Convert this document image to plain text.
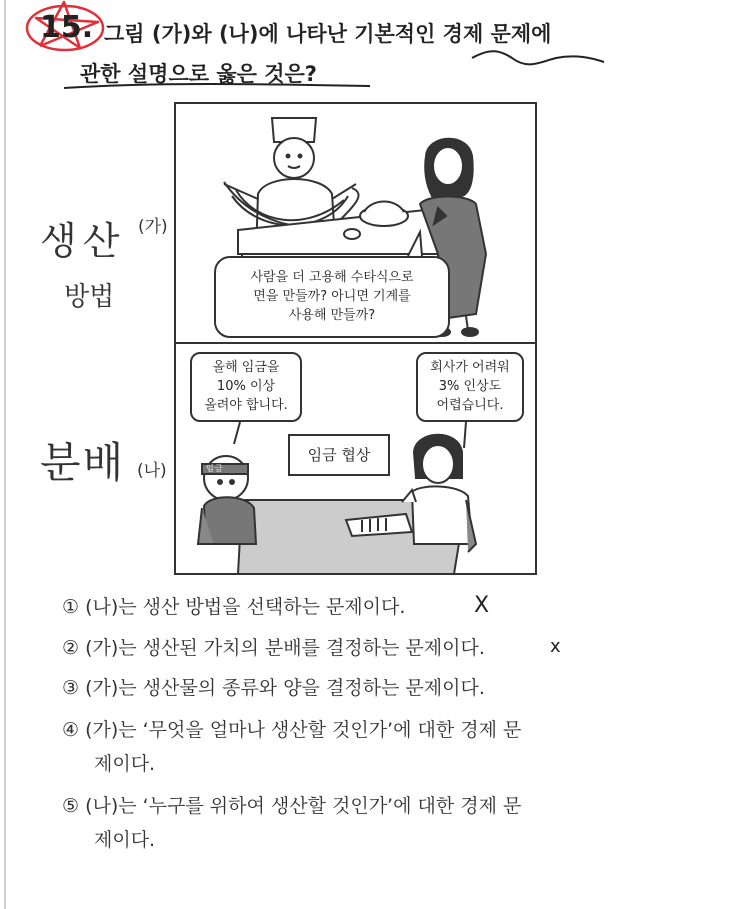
15. 그림 (가)와 (나)에 나타난 기본적인 경제 문제에
관한 설명으로 옳은 것은?
생산
방법
분배
(가)
(나)
사람을 더 고용해 수타식으로
면을 만들까? 아니면 기계를
사용해 만들까?
올해 임금을
10% 이상
올려야 합니다.
회사가 어려워
3% 인상도
어렵습니다.
임금 협상
임금
① (나)는 생산 방법을 선택하는 문제이다.	X
② (가)는 생산된 가치의 분배를 결정하는 문제이다.	x
③ (가)는 생산물의 종류와 양을 결정하는 문제이다.
④ (가)는 ‘무엇을 얼마나 생산할 것인가’에 대한 경제 문
제이다.
⑤ (나)는 ‘누구를 위하여 생산할 것인가’에 대한 경제 문
제이다.
